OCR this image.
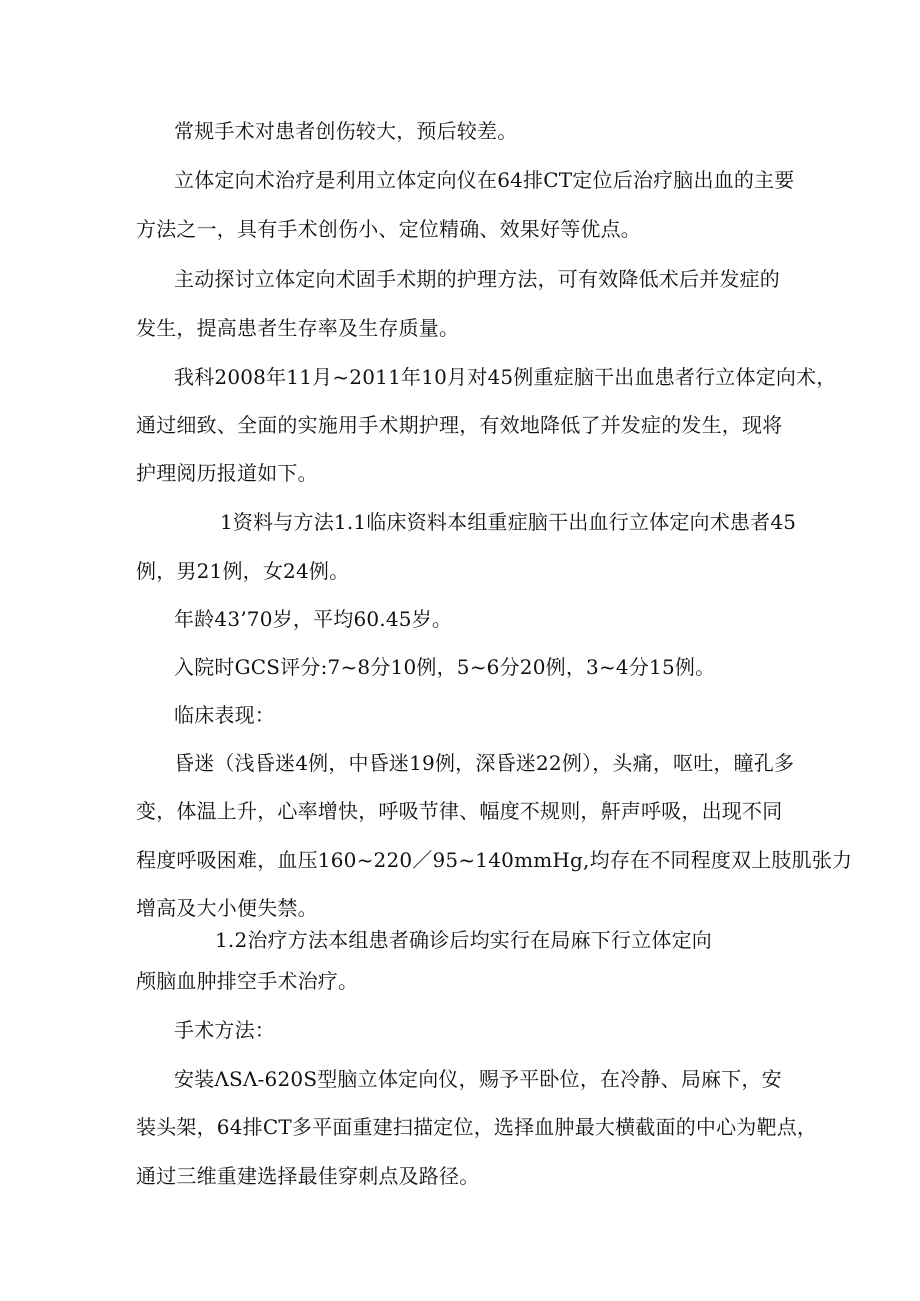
常规手术对患者创伤较大，预后较差。
立体定向术治疗是利用立体定向仪在64排CT定位后治疗脑出血的主要
方法之一，具有手术创伤小、定位精确、效果好等优点。
主动探讨立体定向术固手术期的护理方法，可有效降低术后并发症的
发生，提高患者生存率及生存质量。
我科2008年11月~2011年10月对45例重症脑干出血患者行立体定向术，
通过细致、全面的实施用手术期护理，有效地降低了并发症的发生，现将
护理阅历报道如下。
1资料与方法1.1临床资料本组重症脑干出血行立体定向术患者45
例，男21例，女24例。
年龄43’70岁，平均60.45岁。
入院时GCS评分:7~8分10例，5~6分20例，3~4分15例。
临床表现：
昏迷（浅昏迷4例，中昏迷19例，深昏迷22例），头痛，呕吐，瞳孔多
变，体温上升，心率增快，呼吸节律、幅度不规则，鼾声呼吸，出现不同
程度呼吸困难，血压160~220／95~140mmHg,均存在不同程度双上肢肌张力
增高及大小便失禁。
1.2治疗方法本组患者确诊后均实行在局麻下行立体定向
颅脑血肿排空手术治疗。
手术方法：
安装ΛSΛ-620S型脑立体定向仪，赐予平卧位，在冷静、局麻下，安
装头架，64排CT多平面重建扫描定位，选择血肿最大横截面的中心为靶点，
通过三维重建选择最佳穿刺点及路径。
